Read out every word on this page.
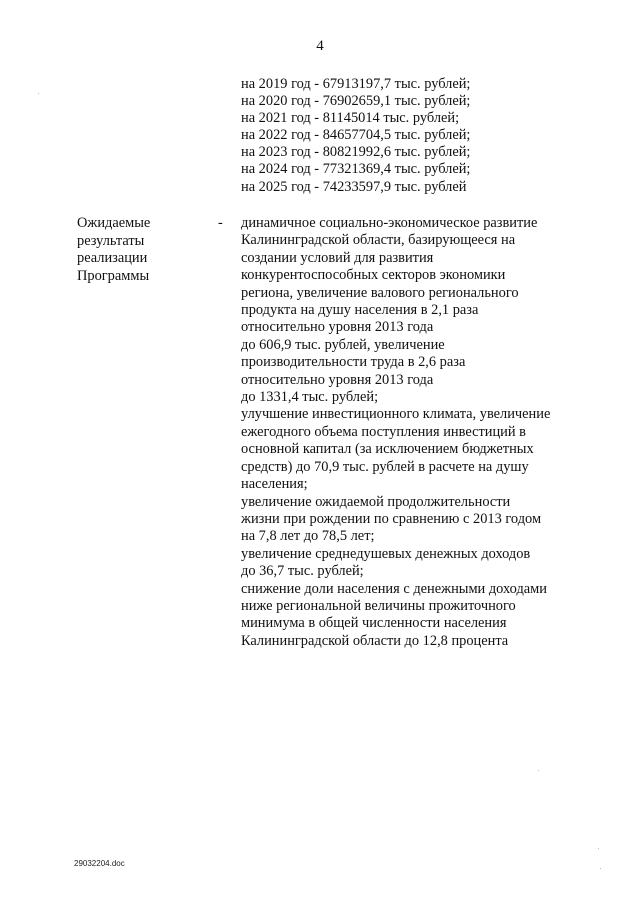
4
на 2019 год - 67913197,7 тыс. рублей;
на 2020 год - 76902659,1 тыс. рублей;
на 2021 год - 81145014 тыс. рублей;
на 2022 год - 84657704,5 тыс. рублей;
на 2023 год - 80821992,6 тыс. рублей;
на 2024 год - 77321369,4 тыс. рублей;
на 2025 год - 74233597,9 тыс. рублей
Ожидаемые
результаты
реализации
Программы
- динамичное социально-экономическое развитие
Калининградской области, базирующееся на
создании условий для развития
конкурентоспособных секторов экономики
региона, увеличение валового регионального
продукта на душу населения в 2,1 раза
относительно уровня 2013 года
до 606,9 тыс. рублей, увеличение
производительности труда в 2,6 раза
относительно уровня 2013 года
до 1331,4 тыс. рублей;
улучшение инвестиционного климата, увеличение
ежегодного объема поступления инвестиций в
основной капитал (за исключением бюджетных
средств) до 70,9 тыс. рублей в расчете на душу
населения;
увеличение ожидаемой продолжительности
жизни при рождении по сравнению с 2013 годом
на 7,8 лет до 78,5 лет;
увеличение среднедушевых денежных доходов
до 36,7 тыс. рублей;
снижение доли населения с денежными доходами
ниже региональной величины прожиточного
минимума в общей численности населения
Калининградской области до 12,8 процента
29032204.doc
